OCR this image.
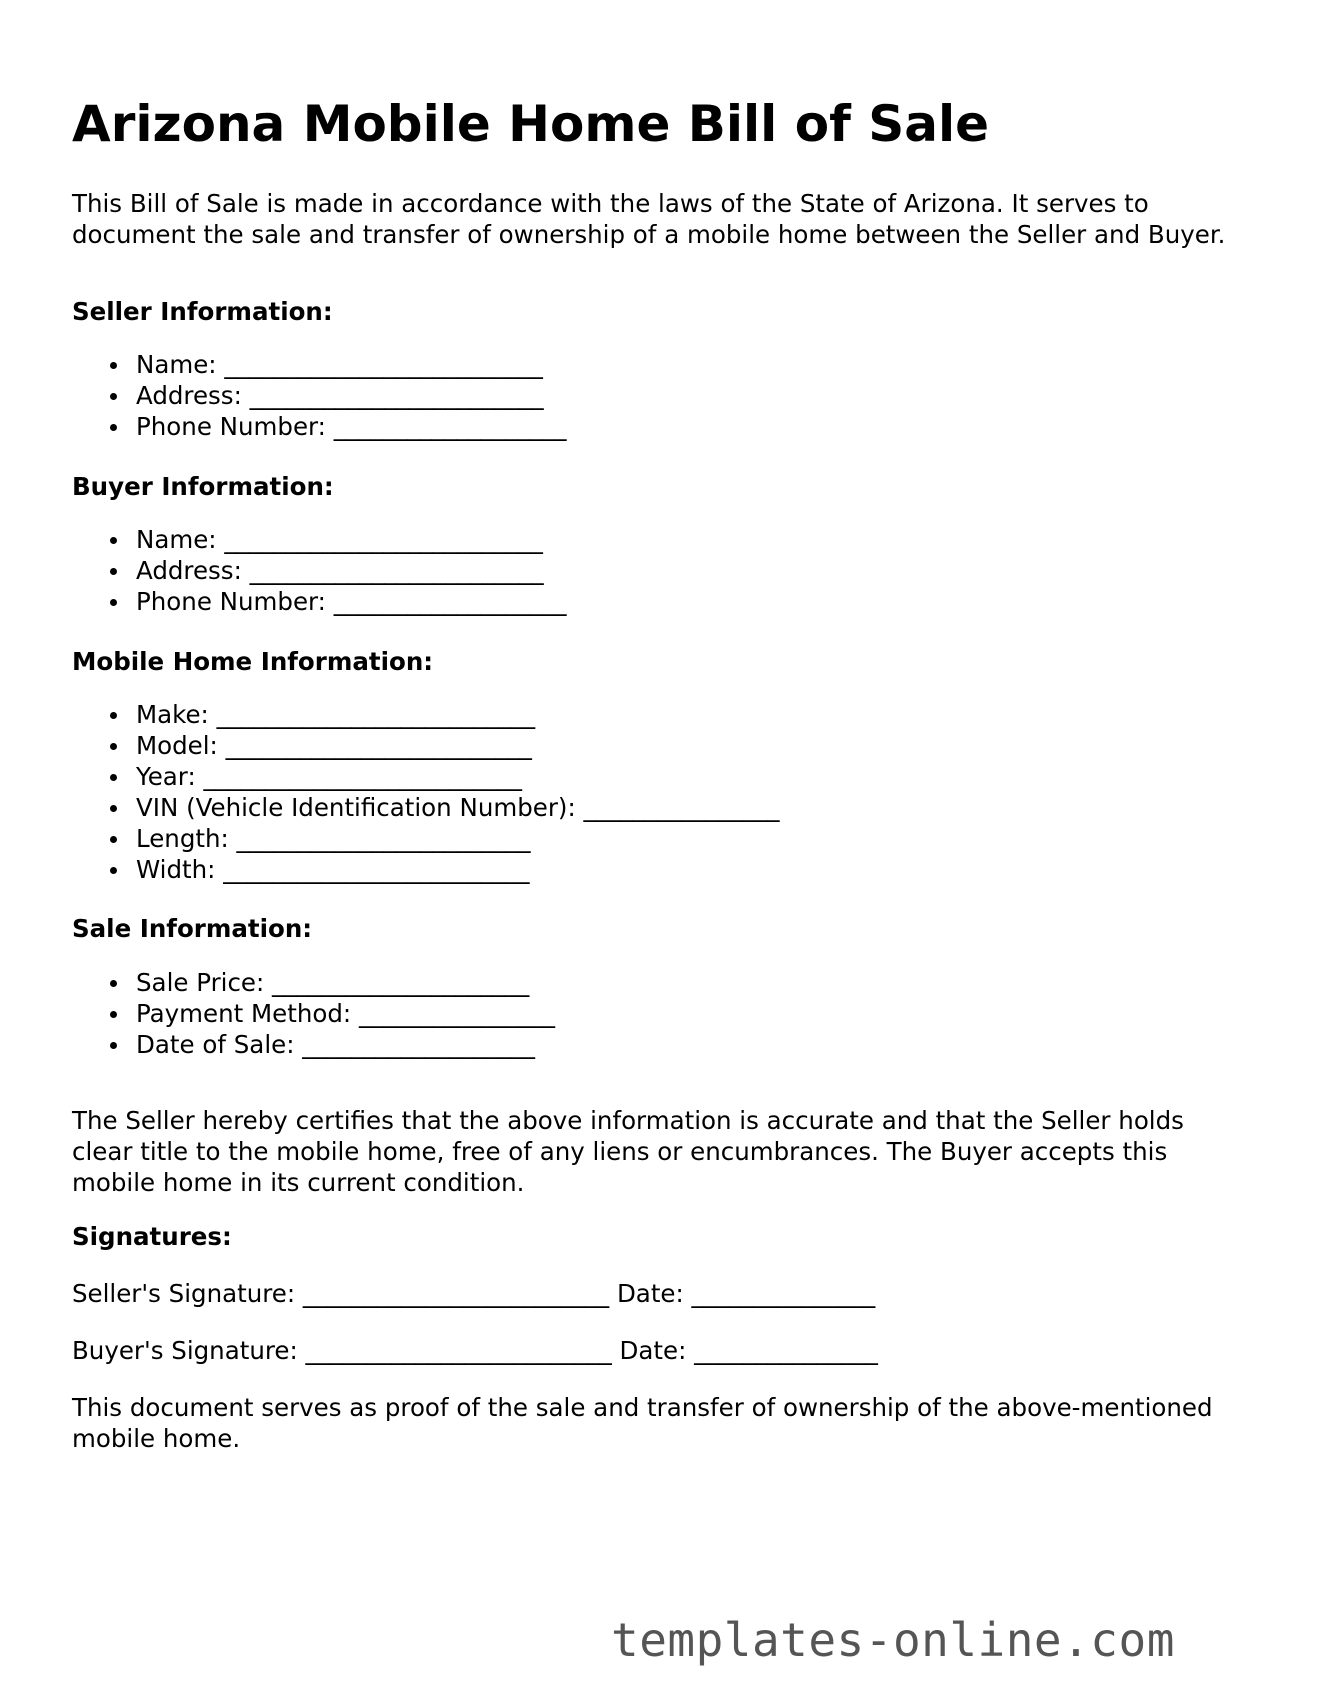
Arizona Mobile Home Bill of Sale

This Bill of Sale is made in accordance with the laws of the State of Arizona. It serves to document the sale and transfer of ownership of a mobile home between the Seller and Buyer.

Seller Information:

Name: __________________________
Address: ________________________
Phone Number: ___________________

Buyer Information:

Name: __________________________
Address: ________________________
Phone Number: ___________________

Mobile Home Information:

Make: __________________________
Model: _________________________
Year: __________________________
VIN (Vehicle Identification Number): ________________
Length: ________________________
Width: _________________________

Sale Information:

Sale Price: _____________________
Payment Method: ________________
Date of Sale: ___________________

The Seller hereby certifies that the above information is accurate and that the Seller holds clear title to the mobile home, free of any liens or encumbrances. The Buyer accepts this mobile home in its current condition.

Signatures:

Seller's Signature: _________________________ Date: _______________
Buyer's Signature: _________________________ Date: _______________

This document serves as proof of the sale and transfer of ownership of the above-mentioned mobile home.

templates-online.com
